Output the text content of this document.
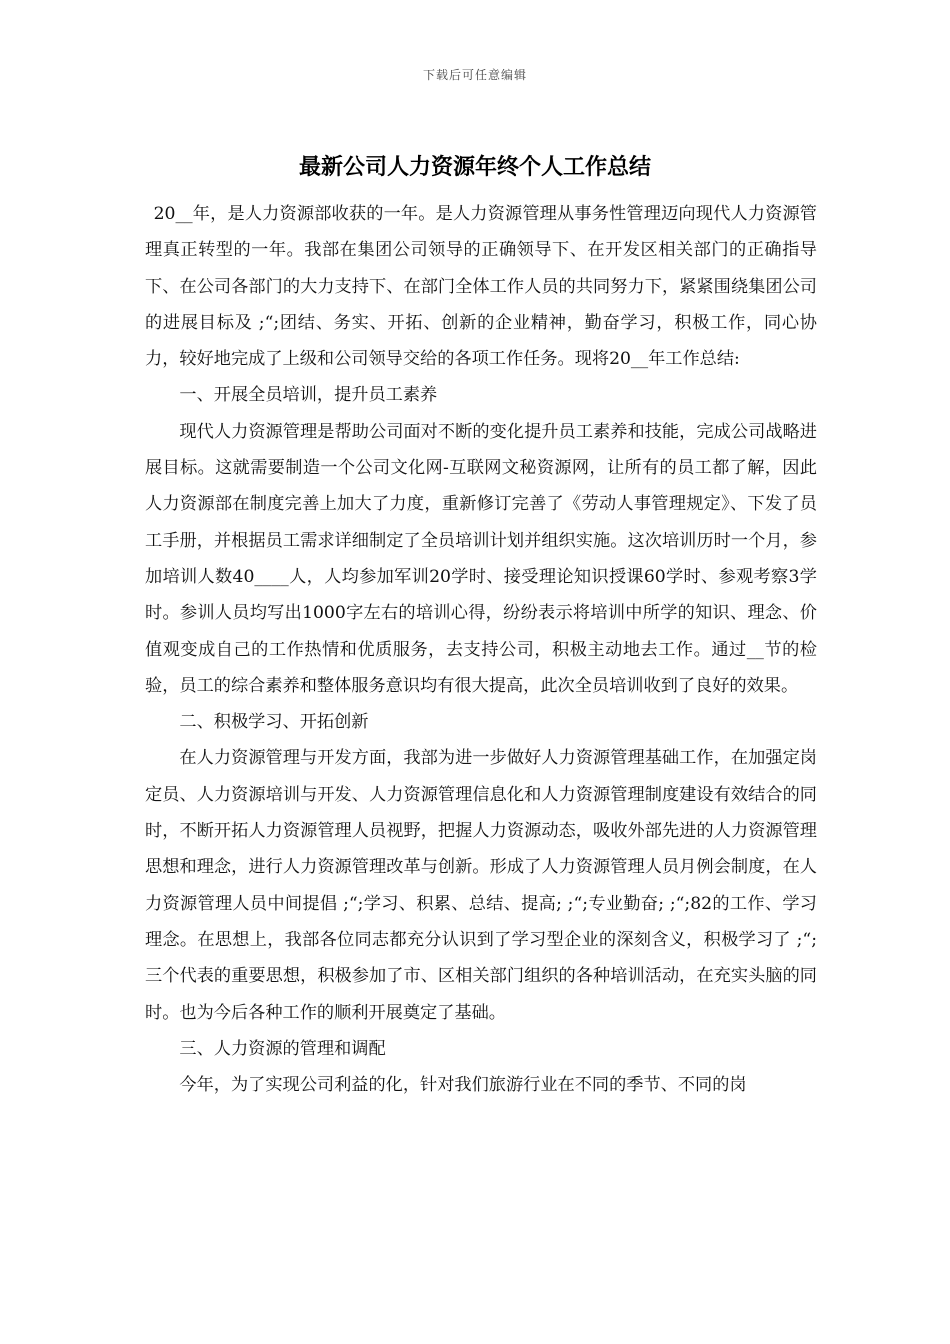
下载后可任意编辑
最新公司人力资源年终个人工作总结

20__年，是人力资源部收获的一年。是人力资源管理从事务性管理迈向现代人力资源管理真正转型的一年。我部在集团公司领导的正确领导下、在开发区相关部门的正确指导下、在公司各部门的大力支持下、在部门全体工作人员的共同努力下，紧紧围绕集团公司的进展目标及 ;“;团结、务实、开拓、创新的企业精神，勤奋学习，积极工作，同心协力，较好地完成了上级和公司领导交给的各项工作任务。现将20__年工作总结:

一、开展全员培训，提升员工素养

现代人力资源管理是帮助公司面对不断的变化提升员工素养和技能，完成公司战略进展目标。这就需要制造一个公司文化网-互联网文秘资源网，让所有的员工都了解，因此人力资源部在制度完善上加大了力度，重新修订完善了《劳动人事管理规定》、下发了员工手册，并根据员工需求详细制定了全员培训计划并组织实施。这次培训历时一个月，参加培训人数40____人，人均参加军训20学时、接受理论知识授课60学时、参观考察3学时。参训人员均写出1000字左右的培训心得，纷纷表示将培训中所学的知识、理念、价值观变成自己的工作热情和优质服务，去支持公司，积极主动地去工作。通过__节的检验，员工的综合素养和整体服务意识均有很大提高，此次全员培训收到了良好的效果。

二、积极学习、开拓创新

在人力资源管理与开发方面，我部为进一步做好人力资源管理基础工作，在加强定岗定员、人力资源培训与开发、人力资源管理信息化和人力资源管理制度建设有效结合的同时，不断开拓人力资源管理人员视野，把握人力资源动态，吸收外部先进的人力资源管理思想和理念，进行人力资源管理改革与创新。形成了人力资源管理人员月例会制度，在人力资源管理人员中间提倡 ;“;学习、积累、总结、提高; ;“;专业勤奋; ;“;82的工作、学习理念。在思想上，我部各位同志都充分认识到了学习型企业的深刻含义，积极学习了 ;“;三个代表的重要思想，积极参加了市、区相关部门组织的各种培训活动，在充实头脑的同时。也为今后各种工作的顺利开展奠定了基础。

三、人力资源的管理和调配

今年，为了实现公司利益的化，针对我们旅游行业在不同的季节、不同的岗
